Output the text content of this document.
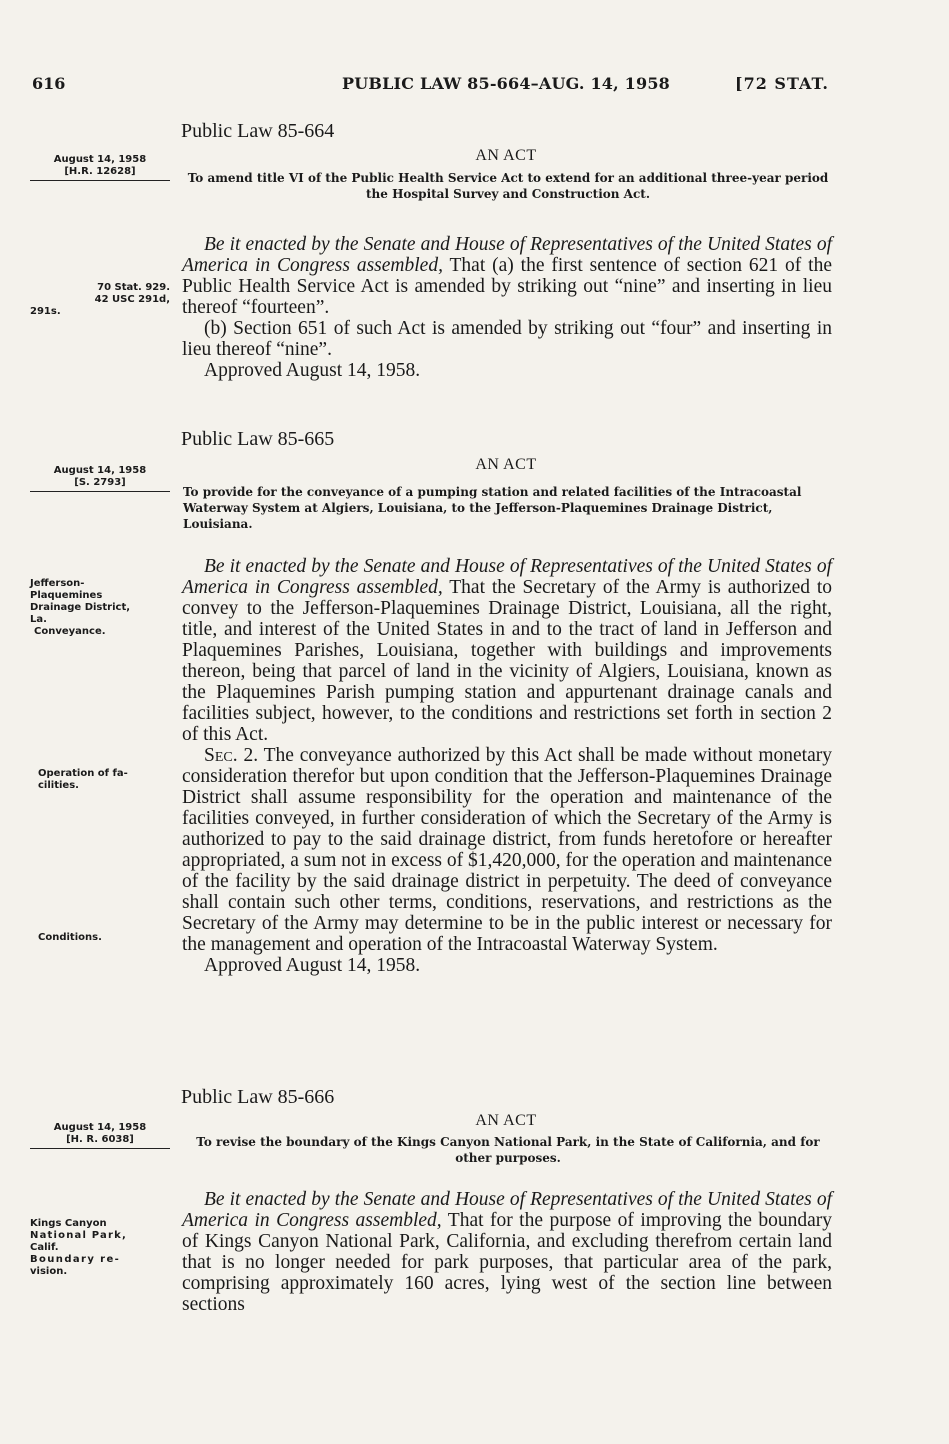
616	PUBLIC LAW 85-664–AUG. 14, 1958	[72 STAT.
Public Law 85-664
AN ACT
August 14, 1958
[H.R. 12628]	To amend title VI of the Public Health Service Act to extend for an additional three-year period the Hospital Survey and Construction Act.

Be it enacted by the Senate and House of Representatives of the United States of America in Congress assembled, That (a) the first sentence of section 621 of the Public Health Service Act is amended by striking out “nine” and inserting in lieu thereof “fourteen”.

(b) Section 651 of such Act is amended by striking out “four” and inserting in lieu thereof “nine”.

Approved August 14, 1958.

70 Stat. 929.
42 USC 291d,
291s.
Public Law 85-665
AN ACT
August 14, 1958
[S. 2793]
To provide for the conveyance of a pumping station and related facilities of the Intracoastal Waterway System at Algiers, Louisiana, to the Jefferson-Plaquemines Drainage District, Louisiana.

Be it enacted by the Senate and House of Representatives of the United States of America in Congress assembled, That the Secretary of the Army is authorized to convey to the Jefferson-Plaquemines Drainage District, Louisiana, all the right, title, and interest of the United States in and to the tract of land in Jefferson and Plaquemines Parishes, Louisiana, together with buildings and improvements thereon, being that parcel of land in the vicinity of Algiers, Louisiana, known as the Plaquemines Parish pumping station and appurtenant drainage canals and facilities subject, however, to the conditions and restrictions set forth in section 2 of this Act.

Sec. 2. The conveyance authorized by this Act shall be made without monetary consideration therefor but upon condition that the Jefferson-Plaquemines Drainage District shall assume responsibility for the operation and maintenance of the facilities conveyed, in further consideration of which the Secretary of the Army is authorized to pay to the said drainage district, from funds heretofore or hereafter appropriated, a sum not in excess of $1,420,000, for the operation and maintenance of the facility by the said drainage district in perpetuity. The deed of conveyance shall contain such other terms, conditions, reservations, and restrictions as the Secretary of the Army may determine to be in the public interest or necessary for the management and operation of the Intracoastal Waterway System.

Approved August 14, 1958.

Jefferson-
Plaquemines
Drainage District,
La.
Conveyance.
Operation of fa-
cilities.
Conditions.
Public Law 85-666
AN ACT
August 14, 1958
[H. R. 6038]	To revise the boundary of the Kings Canyon National Park, in the State of California, and for other purposes.

Be it enacted by the Senate and House of Representatives of the United States of America in Congress assembled, That for the purpose of improving the boundary of Kings Canyon National Park, California, and excluding therefrom certain land that is no longer needed for park purposes, that particular area of the park, comprising approximately 160 acres, lying west of the section line between sections

Kings Canyon
National Park,
Calif.
Boundary re-
vision.
